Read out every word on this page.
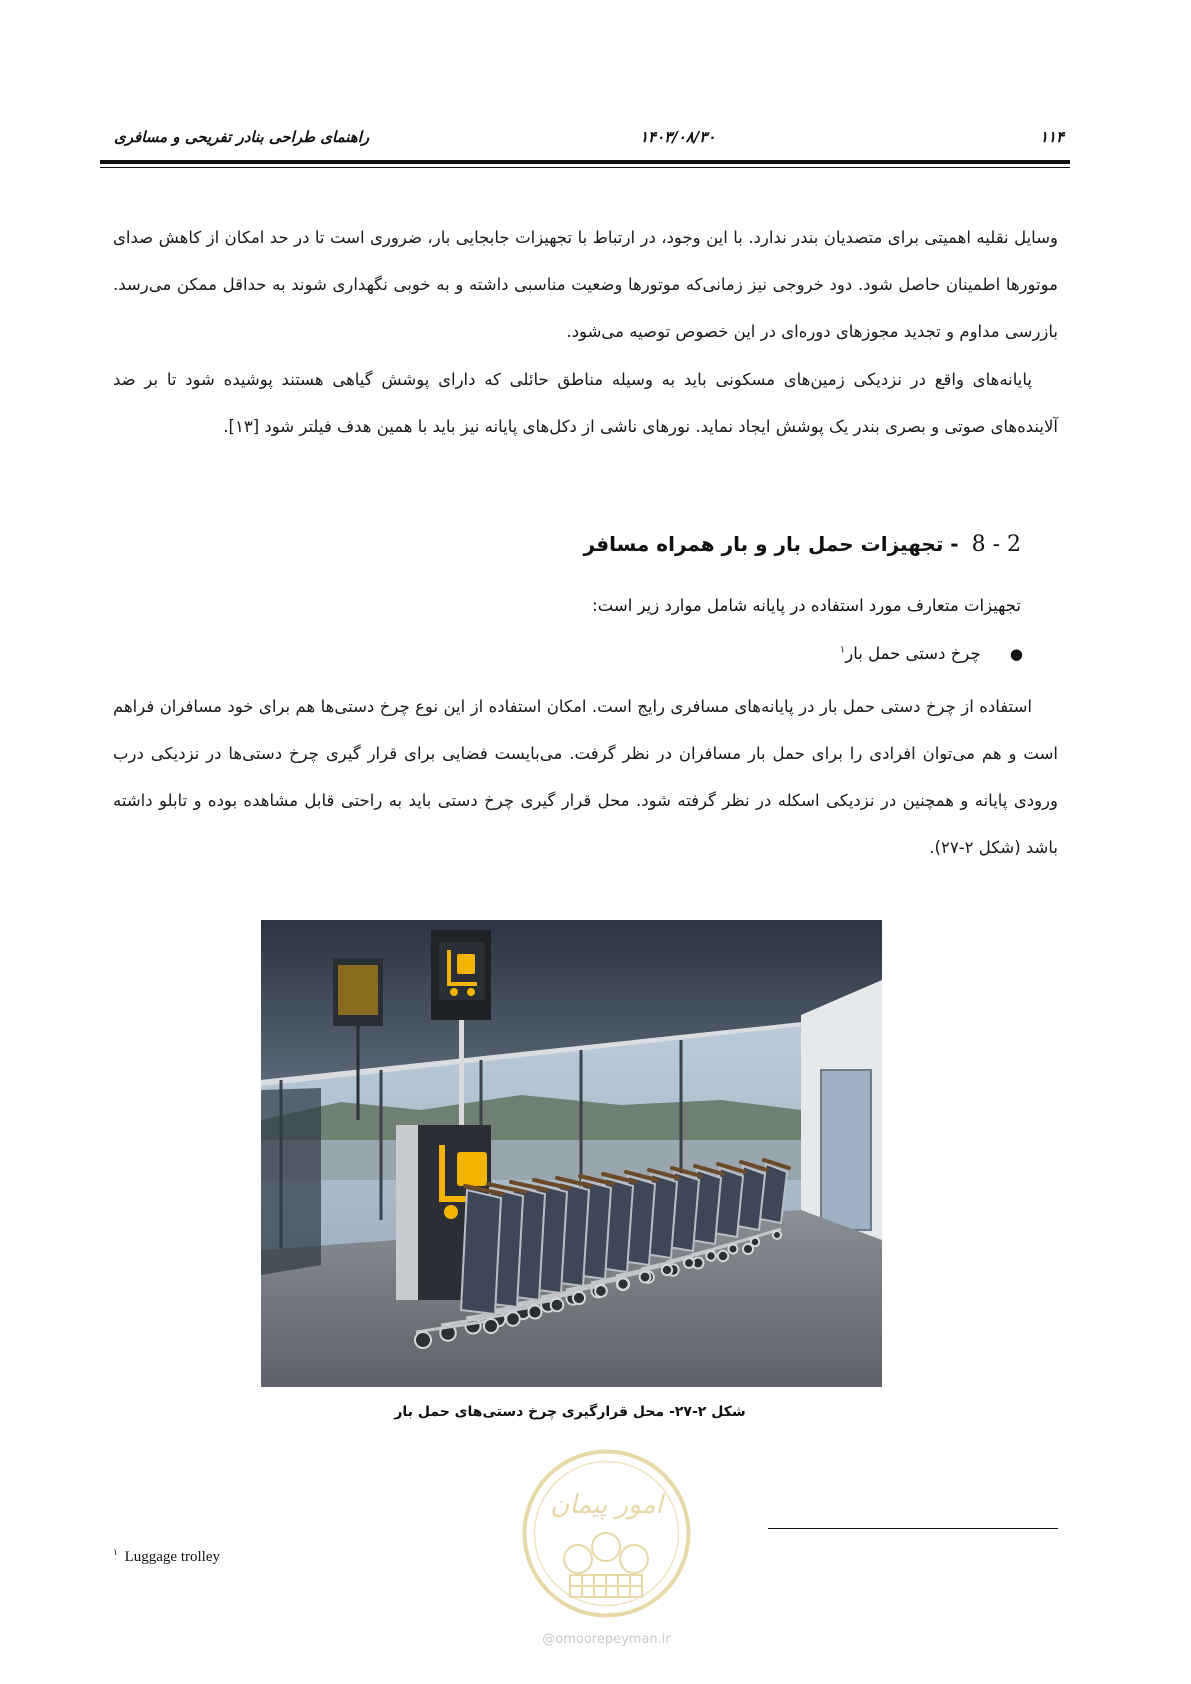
راهنمای طراحی بنادر تفریحی و مسافری	۱۴۰۳/۰۸/۳۰	۱۱۴
وسایل نقلیه اهمیتی برای متصدیان بندر ندارد. با این وجود، در ارتباط با تجهیزات جابجایی بار، ضروری است تا در حد امکان از کاهش صدای موتورها اطمینان حاصل شود. دود خروجی نیز زمانی‌که موتورها وضعیت مناسبی داشته و به خوبی نگهداری شوند به حداقل ممکن می‌رسد. بازرسی مداوم و تجدید مجوزهای دوره‌ای در این خصوص توصیه می‌شود.
پایانه‌های واقع در نزدیکی زمین‌های مسکونی باید به وسیله مناطق حائلی که دارای پوشش گیاهی هستند پوشیده شود تا بر ضد آلاینده‌های صوتی و بصری بندر یک پوشش ایجاد نماید. نورهای ناشی از دکل‌های پایانه نیز باید با همین هدف فیلتر شود [۱۳].
2 - 8 - تجهیزات حمل بار و بار همراه مسافر
تجهیزات متعارف مورد استفاده در پایانه شامل موارد زیر است:
● چرخ دستی حمل بار$^۱$
استفاده از چرخ دستی حمل بار در پایانه‌های مسافری رایج است. امکان استفاده از این نوع چرخ دستی‌ها هم برای خود مسافران فراهم است و هم می‌توان افرادی را برای حمل بار مسافران در نظر گرفت. می‌بایست فضایی برای قرار گیری چرخ دستی‌ها در نزدیکی درب ورودی پایانه و همچنین در نزدیکی اسکله در نظر گرفته شود. محل قرار گیری چرخ دستی باید به راحتی قابل مشاهده بوده و تابلو داشته باشد (شکل ۲-۲۷).
شکل ۲-۲۷- محل قرارگیری چرخ دستی‌های حمل بار
امور پیمان
@omoorepeyman.ir
$^۱$ Luggage trolley
